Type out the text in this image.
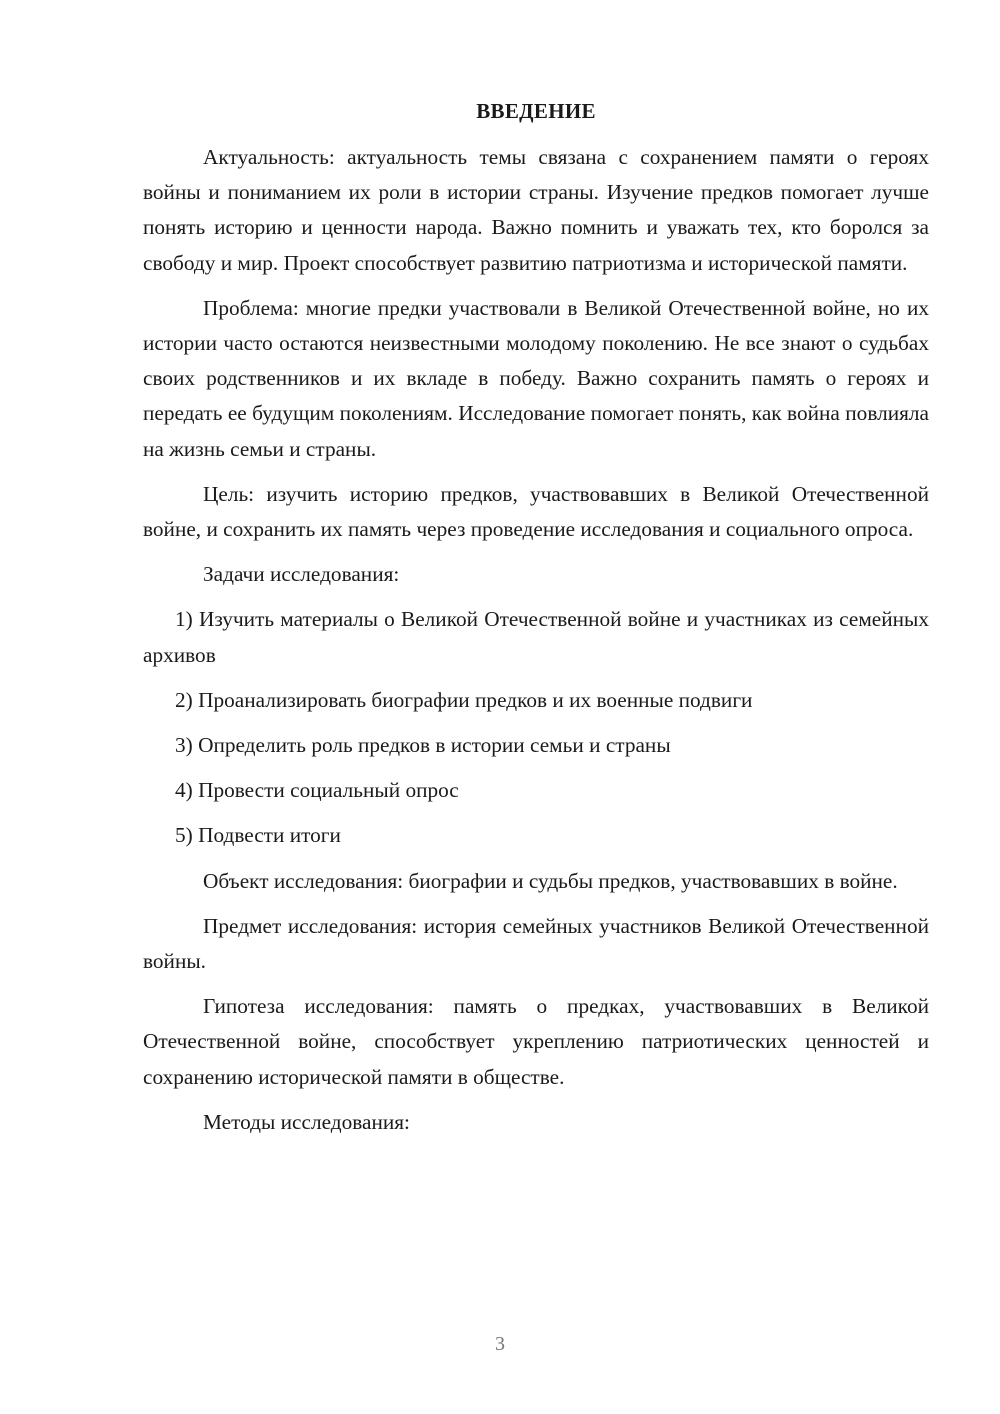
ВВЕДЕНИЕ

Актуальность: актуальность темы связана с сохранением памяти о героях войны и пониманием их роли в истории страны. Изучение предков помогает лучше понять историю и ценности народа. Важно помнить и уважать тех, кто боролся за свободу и мир. Проект способствует развитию патриотизма и исторической памяти.

Проблема: многие предки участвовали в Великой Отечественной войне, но их истории часто остаются неизвестными молодому поколению. Не все знают о судьбах своих родственников и их вкладе в победу. Важно сохранить память о героях и передать ее будущим поколениям. Исследование помогает понять, как война повлияла на жизнь семьи и страны.

Цель: изучить историю предков, участвовавших в Великой Отечественной войне, и сохранить их память через проведение исследования и социального опроса.

Задачи исследования:

1) Изучить материалы о Великой Отечественной войне и участниках из семейных архивов

2) Проанализировать биографии предков и их военные подвиги

3) Определить роль предков в истории семьи и страны

4) Провести социальный опрос

5) Подвести итоги

Объект исследования: биографии и судьбы предков, участвовавших в войне.

Предмет исследования: история семейных участников Великой Отечественной войны.

Гипотеза исследования: память о предках, участвовавших в Великой Отечественной войне, способствует укреплению патриотических ценностей и сохранению исторической памяти в обществе.

Методы исследования:

3
